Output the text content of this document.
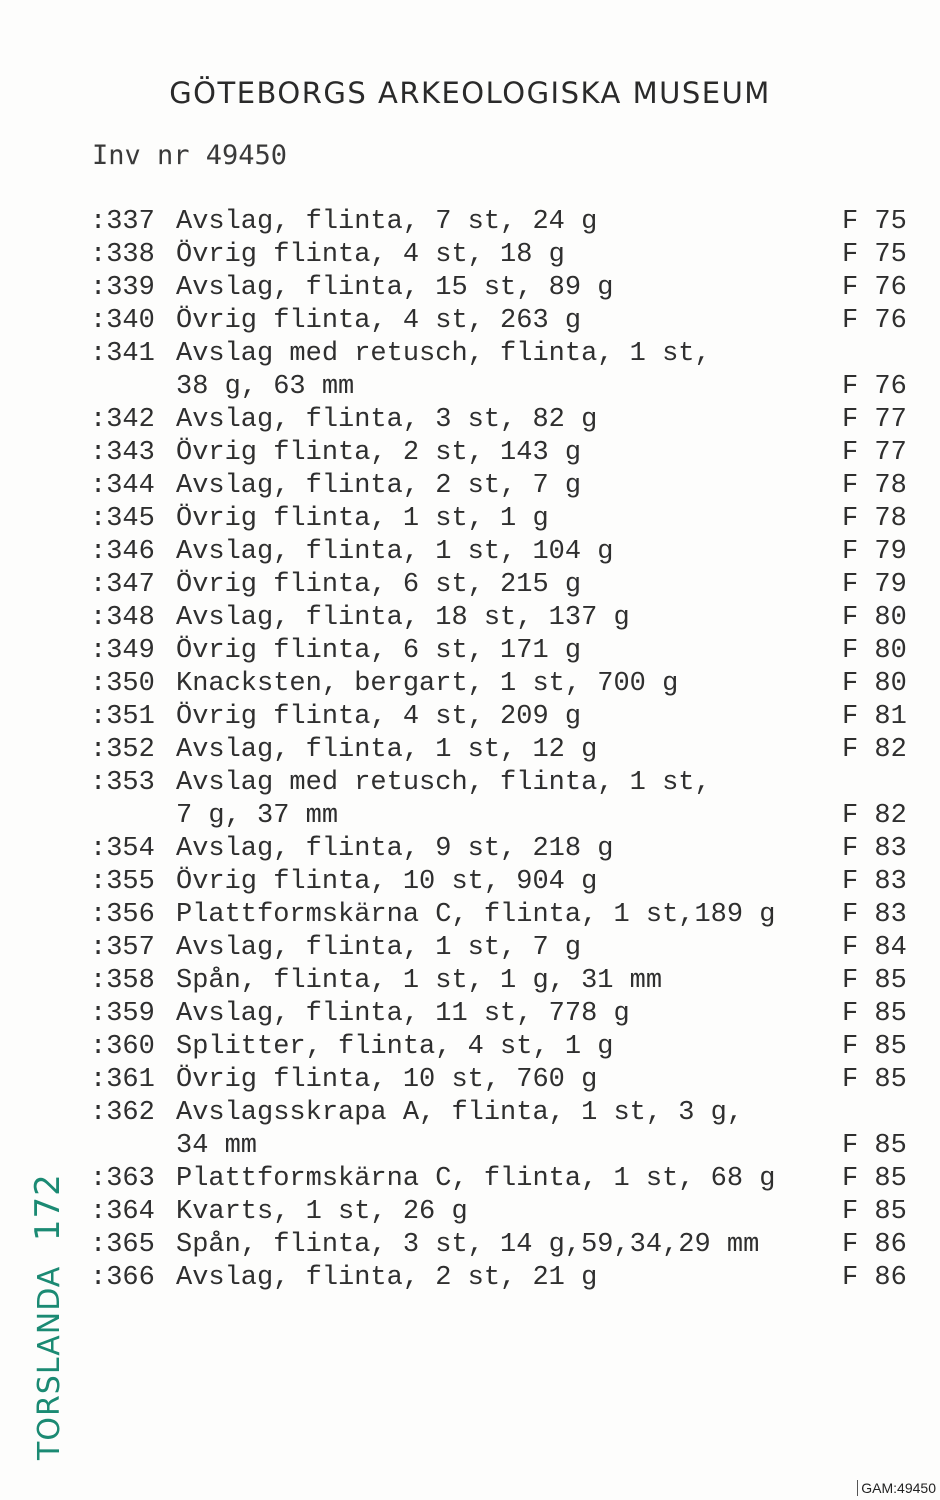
GÖTEBORGS ARKEOLOGISKA MUSEUM
Inv nr 49450
:337 Avslag, flinta, 7 st, 24 g	F 75
:338 Övrig flinta, 4 st, 18 g	F 75
:339 Avslag, flinta, 15 st, 89 g	F 76
:340 Övrig flinta, 4 st, 263 g	F 76
:341 Avslag med retusch, flinta, 1 st,
38 g, 63 mm	F 76
:342 Avslag, flinta, 3 st, 82 g	F 77
:343 Övrig flinta, 2 st, 143 g	F 77
:344 Avslag, flinta, 2 st, 7 g	F 78
:345 Övrig flinta, 1 st, 1 g	F 78
:346 Avslag, flinta, 1 st, 104 g	F 79
:347 Övrig flinta, 6 st, 215 g	F 79
:348 Avslag, flinta, 18 st, 137 g	F 80
:349 Övrig flinta, 6 st, 171 g	F 80
:350 Knacksten, bergart, 1 st, 700 g	F 80
:351 Övrig flinta, 4 st, 209 g	F 81
:352 Avslag, flinta, 1 st, 12 g	F 82
:353 Avslag med retusch, flinta, 1 st,
7 g, 37 mm	F 82
:354 Avslag, flinta, 9 st, 218 g	F 83
:355 Övrig flinta, 10 st, 904 g	F 83
:356 Plattformskärna C, flinta, 1 st,189 g F 83
:357 Avslag, flinta, 1 st, 7 g	F 84
:358 Spån, flinta, 1 st, 1 g, 31 mm	F 85
:359 Avslag, flinta, 11 st, 778 g	F 85
:360 Splitter, flinta, 4 st, 1 g	F 85
:361 Övrig flinta, 10 st, 760 g	F 85
:362 Avslagsskrapa A, flinta, 1 st, 3 g,
34 mm	F 85
:363 Plattformskärna C, flinta, 1 st, 68 g F 85
:364 Kvarts, 1 st, 26 g	F 85
:365 Spån, flinta, 3 st, 14 g,59,34,29 mm	F 86
:366 Avslag, flinta, 2 st, 21 g	F 86
TORSLANDA 172
GAM:49450
